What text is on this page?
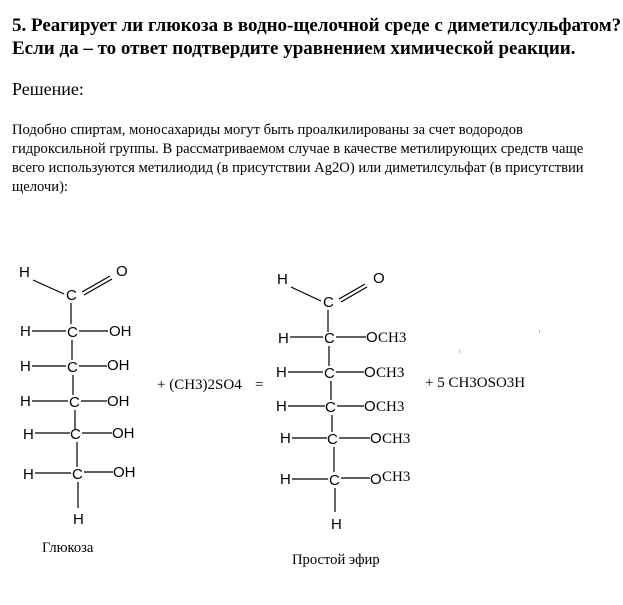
5. Реагирует ли глюкоза в водно-щелочной среде с диметилсульфатом?
Если да – то ответ подтвердите уравнением химической реакции.
Решение:
Подобно спиртам, моносахариды могут быть проалкилированы за счет водородов гидроксильной группы. В рассматриваемом случае в качестве метилирующих средств чаще всего используются метилиодид (в присутствии Ag2O) или диметилсульфат (в присутствии щелочи):
H
C
O
H C OH
H C OH
H	C OH
H C OH
H	C OH
H
+ (CH3)2SO4 =
H
C
O
H C O CH3
H C O CH3
H	C O CH3
H C O CH3
H	C O CH3
H
+ 5 CH3OSO3H
Глюкоза
Простой эфир
